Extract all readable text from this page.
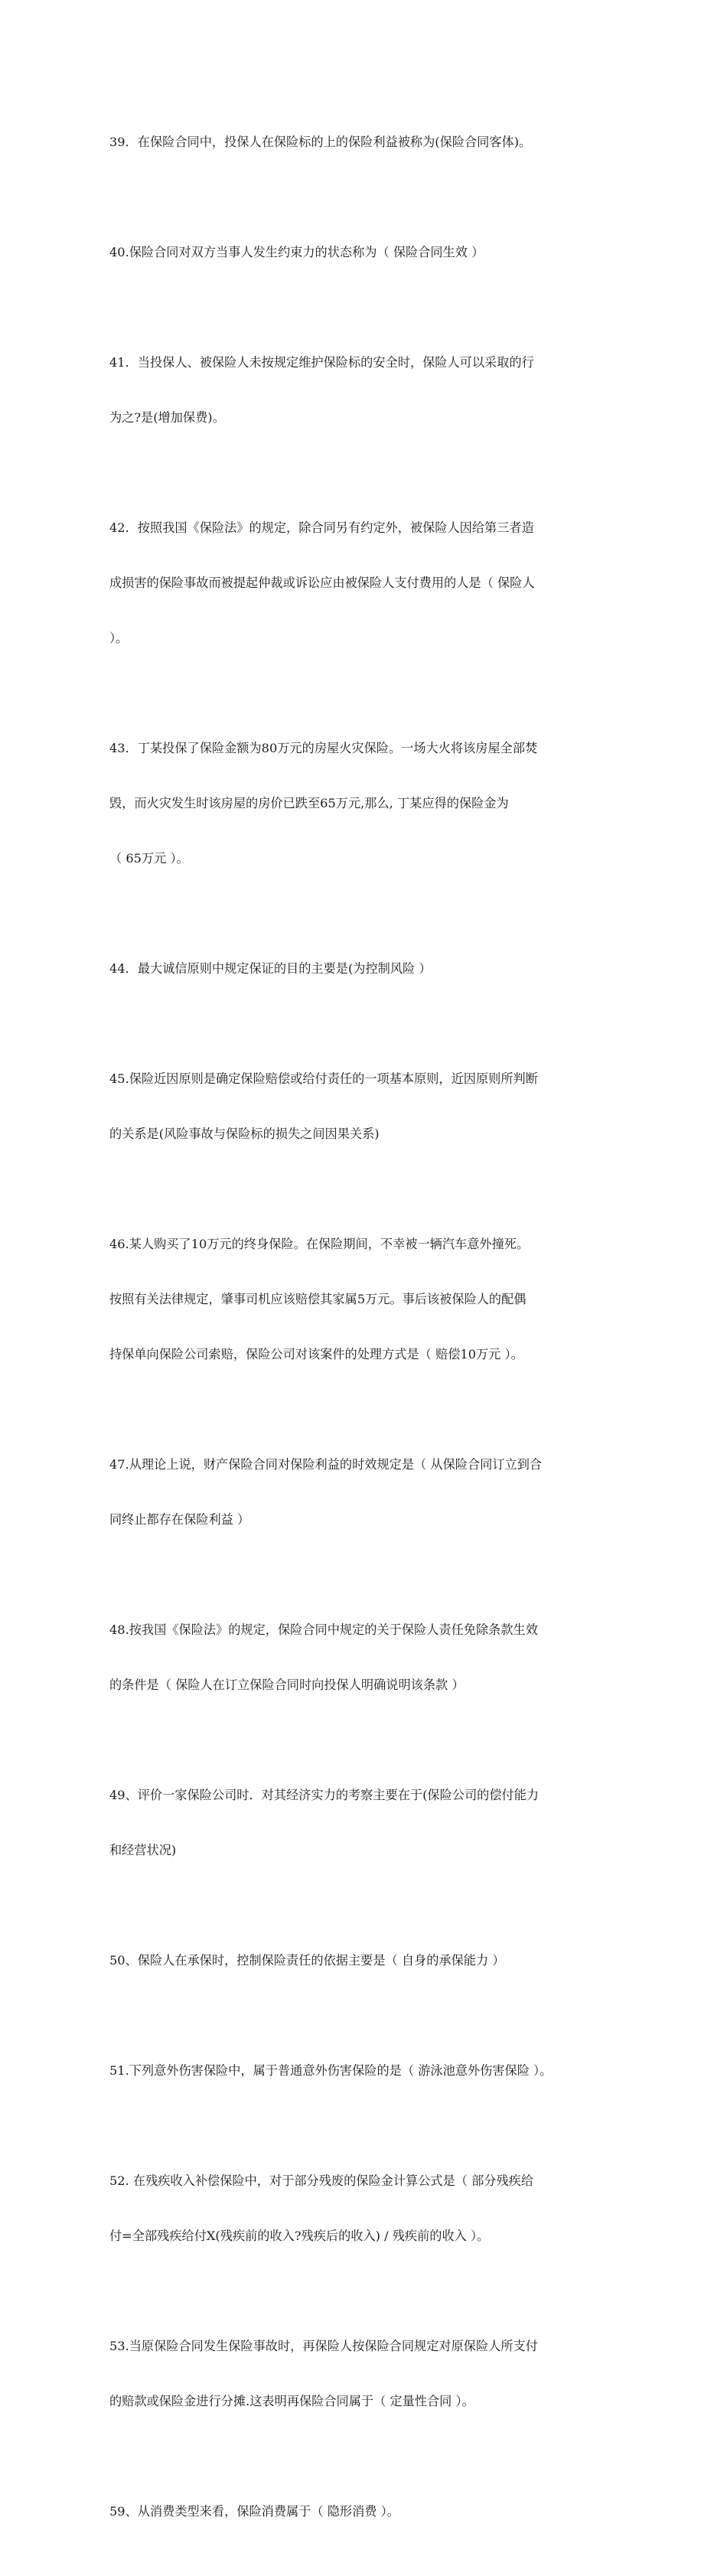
39．在保险合同中，投保人在保险标的上的保险利益被称为(保险合同客体)。

40.保险合同对双方当事人发生约束力的状态称为（ 保险合同生效 ）

41．当投保人、被保险人未按规定维护保险标的安全时，保险人可以采取的行

为之?是(增加保费)。

42．按照我国《保险法》的规定，除合同另有约定外，被保险人因给第三者造

成损害的保险事故而被提起仲裁或诉讼应由被保险人支付费用的人是（ 保险人

）。

43．丁某投保了保险金额为80万元的房屋火灾保险。一场大火将该房屋全部焚

毁，而火灾发生时该房屋的房价已跌至65万元,那么, 丁某应得的保险金为

（ 65万元 ）。

44．最大诚信原则中规定保证的目的主要是(为控制风险 ）

45.保险近因原则是确定保险赔偿或给付责任的一项基本原则，近因原则所判断

的关系是(风险事故与保险标的损失之间因果关系)

46.某人购买了10万元的终身保险。在保险期间，不幸被一辆汽车意外撞死。

按照有关法律规定，肇事司机应该赔偿其家属5万元。事后该被保险人的配偶

持保单向保险公司索赔，保险公司对该案件的处理方式是（ 赔偿10万元 ）。

47.从理论上说，财产保险合同对保险利益的时效规定是（ 从保险合同订立到合

同终止都存在保险利益 ）

48.按我国《保险法》的规定，保险合同中规定的关于保险人责任免除条款生效

的条件是（ 保险人在订立保险合同时向投保人明确说明该条款 ）

49、评价一家保险公司时．对其经济实力的考察主要在于(保险公司的偿付能力

和经营状况)

50、保险人在承保时，控制保险责任的依据主要是（ 自身的承保能力 ）

51.下列意外伤害保险中，属于普通意外伤害保险的是（ 游泳池意外伤害保险 ）。

52. 在残疾收入补偿保险中，对于部分残废的保险金计算公式是（ 部分残疾给

付=全部残疾给付Ⅹ(残疾前的收入?残疾后的收入) / 残疾前的收入 ）。

53.当原保险合同发生保险事故时，再保险人按保险合同规定对原保险人所支付

的赔款或保险金进行分摊.这表明再保险合同属于（ 定量性合同 ）。

59、从消费类型来看，保险消费属于（ 隐形消费 ）。
